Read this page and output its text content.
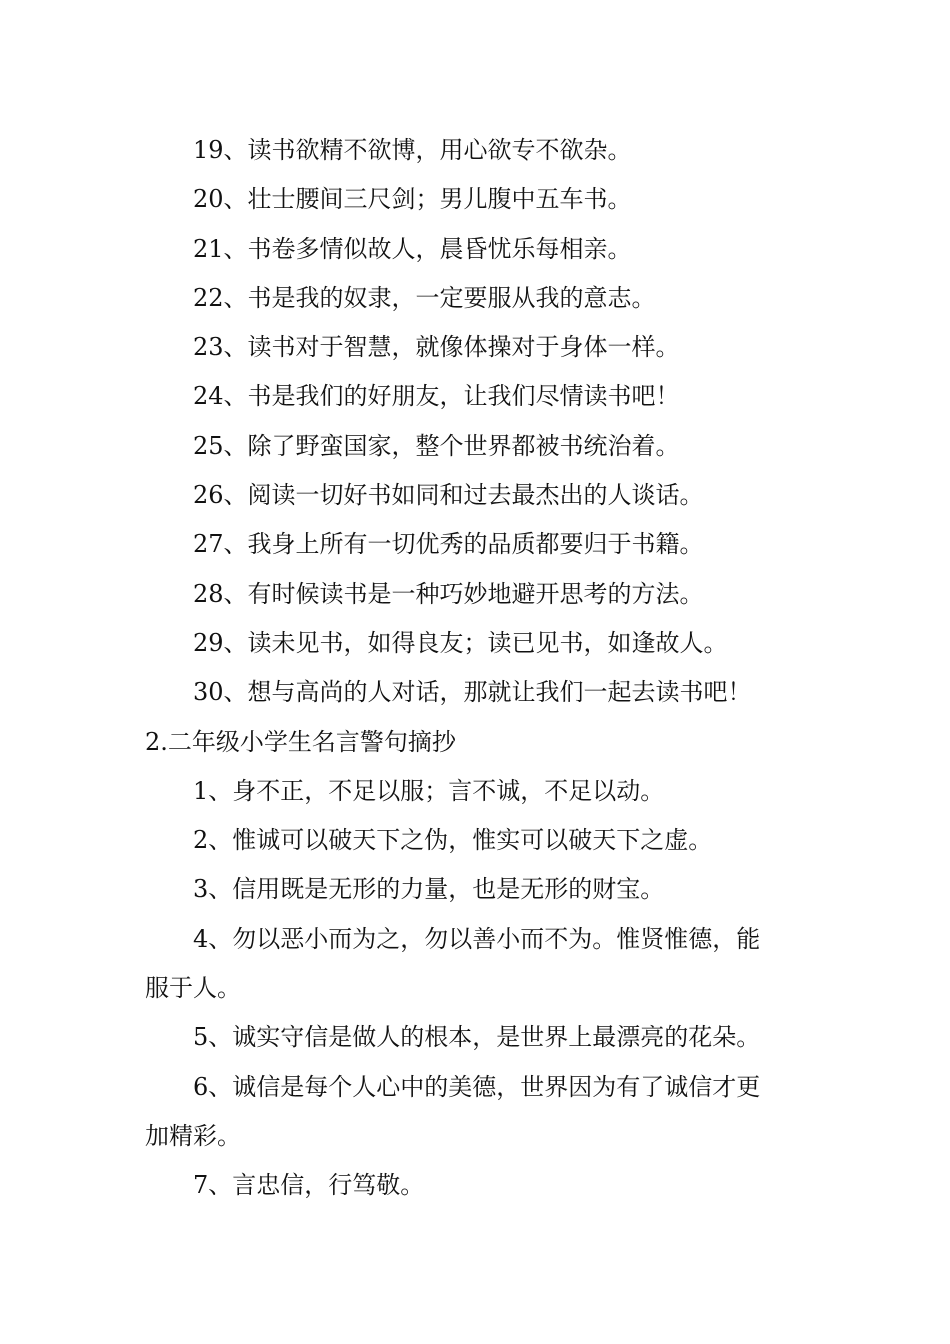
19、读书欲精不欲博，用心欲专不欲杂。
20、壮士腰间三尺剑；男儿腹中五车书。
21、书卷多情似故人，晨昏忧乐每相亲。
22、书是我的奴隶，一定要服从我的意志。
23、读书对于智慧，就像体操对于身体一样。
24、书是我们的好朋友，让我们尽情读书吧！
25、除了野蛮国家，整个世界都被书统治着。
26、阅读一切好书如同和过去最杰出的人谈话。
27、我身上所有一切优秀的品质都要归于书籍。
28、有时候读书是一种巧妙地避开思考的方法。
29、读未见书，如得良友；读已见书，如逢故人。
30、想与高尚的人对话，那就让我们一起去读书吧！
2.二年级小学生名言警句摘抄
1、身不正，不足以服；言不诚，不足以动。
2、惟诚可以破天下之伪，惟实可以破天下之虚。
3、信用既是无形的力量，也是无形的财宝。
4、勿以恶小而为之，勿以善小而不为。惟贤惟德，能
服于人。
5、诚实守信是做人的根本，是世界上最漂亮的花朵。
6、诚信是每个人心中的美德，世界因为有了诚信才更
加精彩。
7、言忠信，行笃敬。
